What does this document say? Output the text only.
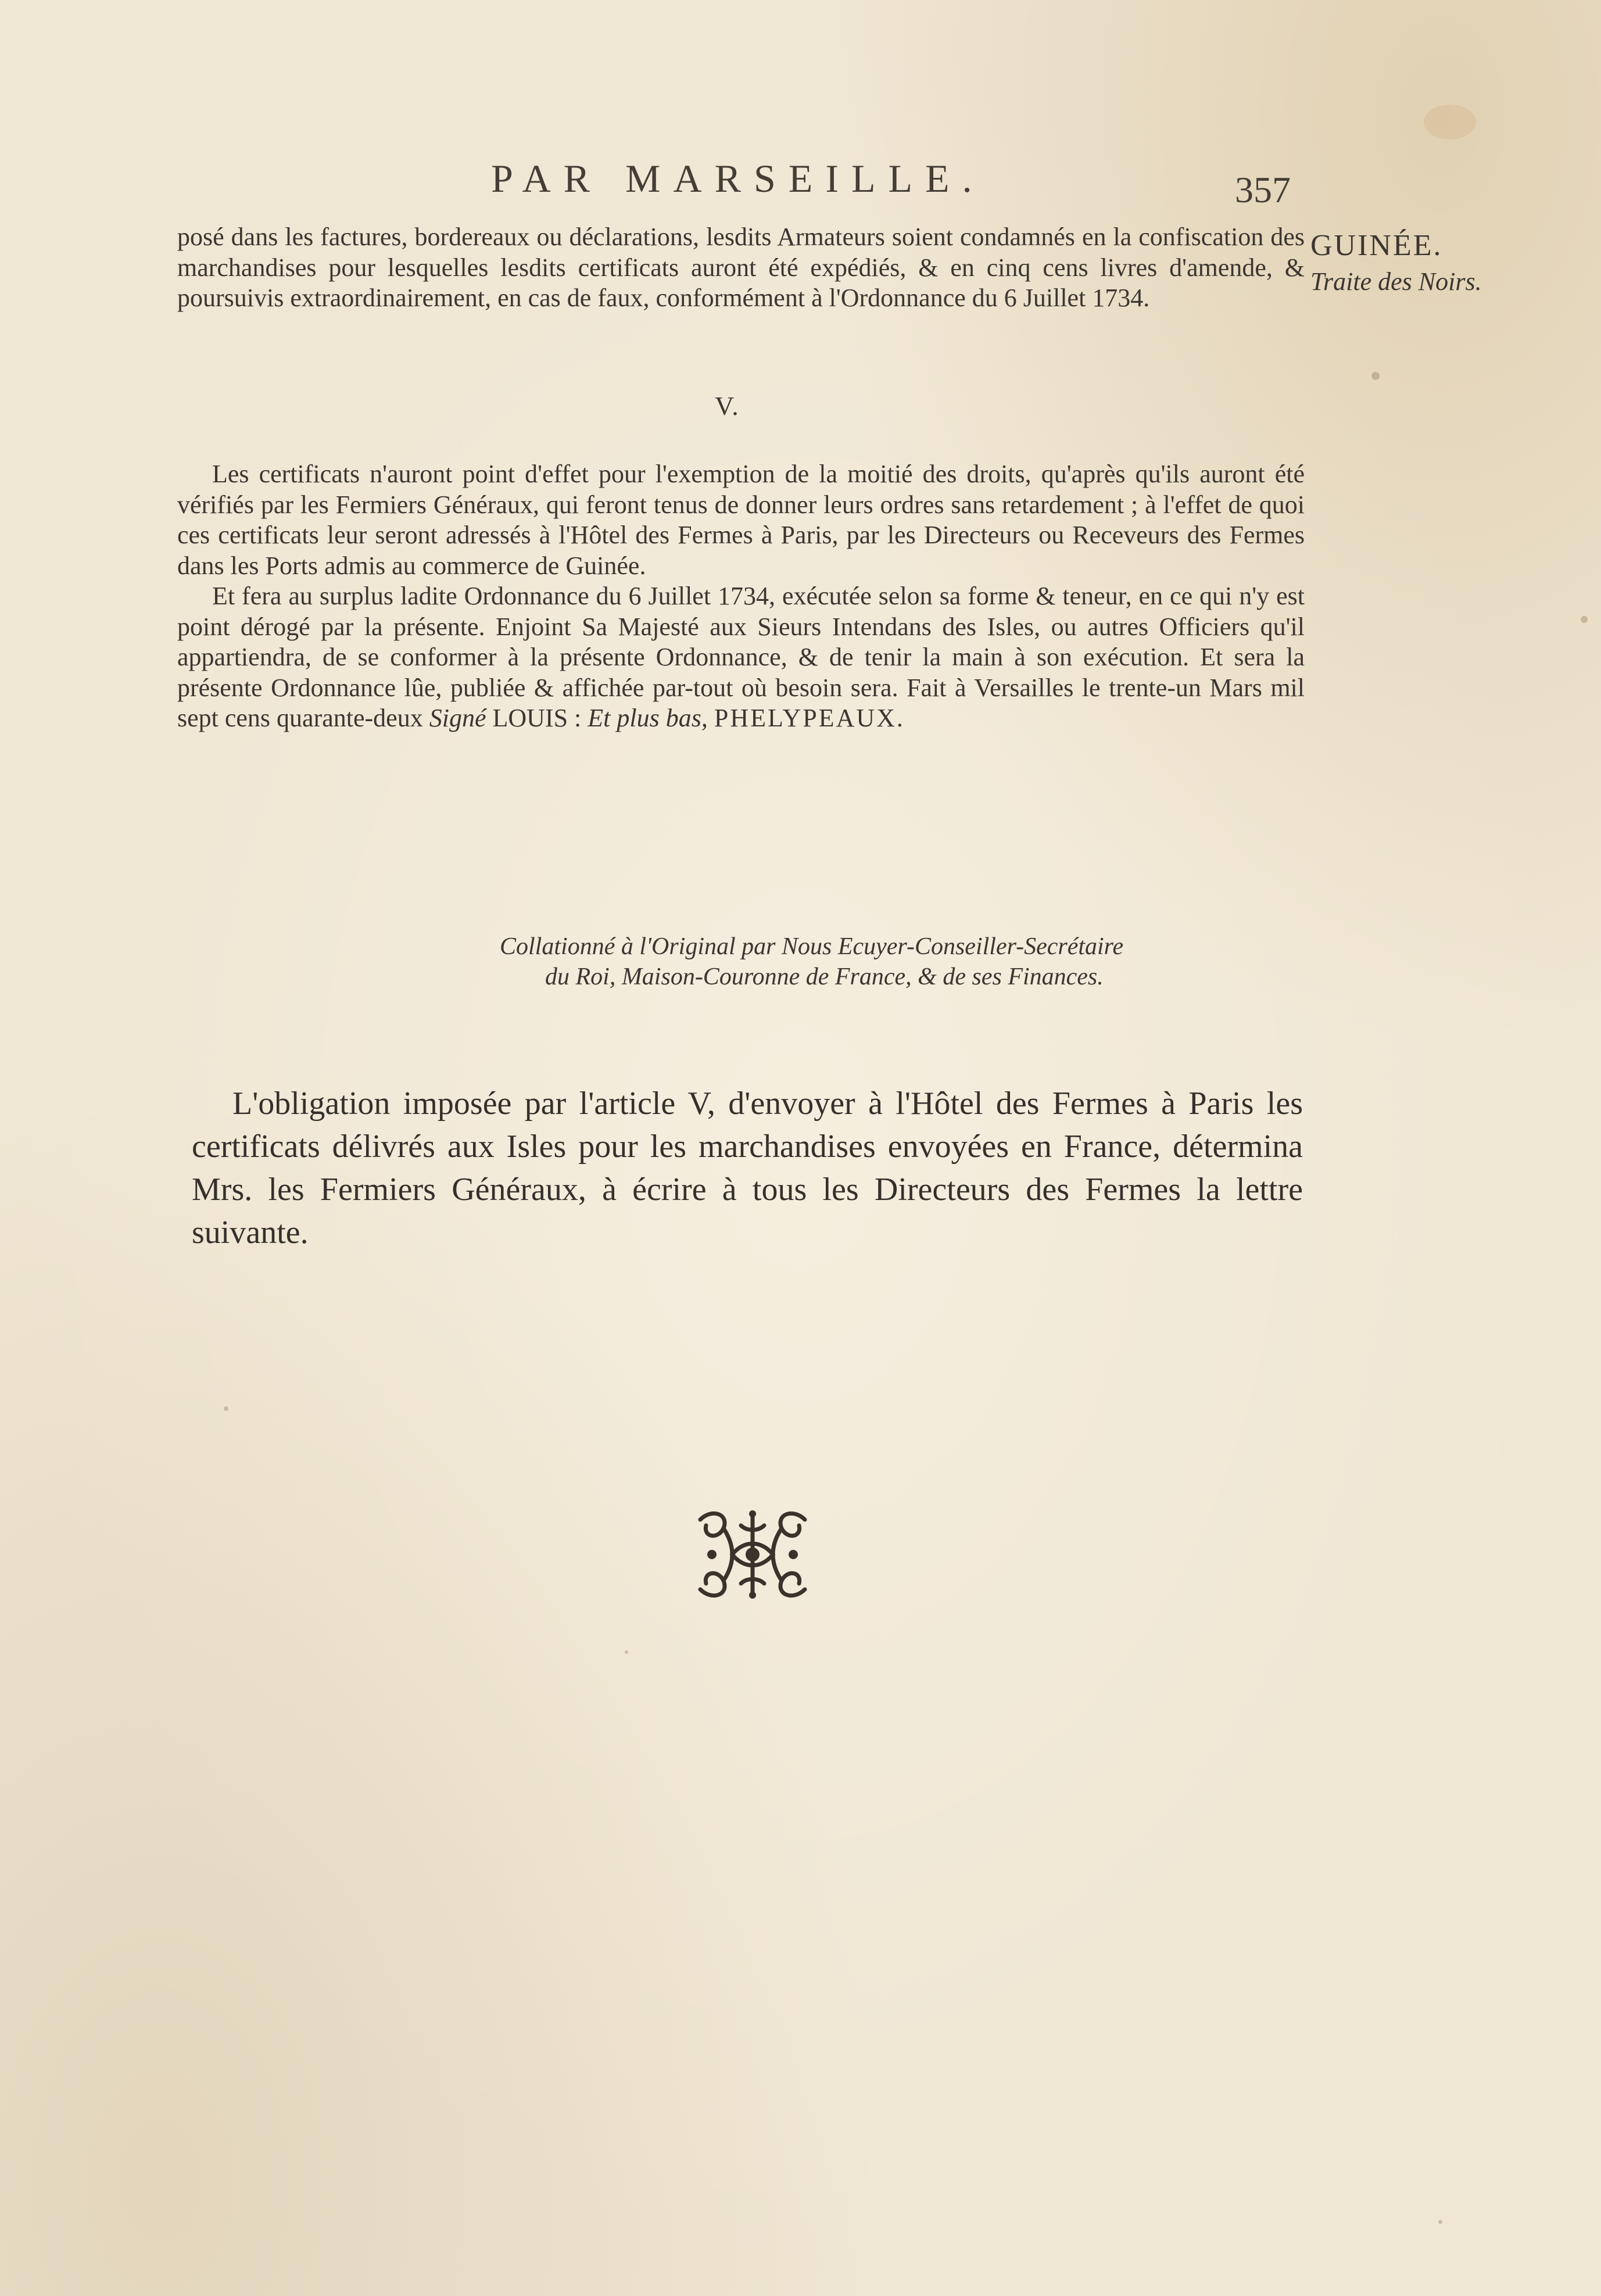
PAR MARSEILLE.	357
GUINÉE.
Traite des Noirs.

posé dans les factures, bordereaux ou déclarations, lesdits Armateurs soient condamnés en la confiscation des marchandises pour lesquelles lesdits certificats auront été expédiés, & en cinq cens livres d'amende, & poursuivis extraordinairement, en cas de faux, conformément à l'Ordonnance du 6 Juillet 1734.

V.

Les certificats n'auront point d'effet pour l'exemption de la moitié des droits, qu'après qu'ils auront été vérifiés par les Fermiers Généraux, qui feront tenus de donner leurs ordres sans retardement ; à l'effet de quoi ces certificats leur seront adressés à l'Hôtel des Fermes à Paris, par les Directeurs ou Receveurs des Fermes dans les Ports admis au commerce de Guinée.

Et fera au surplus ladite Ordonnance du 6 Juillet 1734, exécutée selon sa forme & teneur, en ce qui n'y est point dérogé par la présente. Enjoint Sa Majesté aux Sieurs Intendans des Isles, ou autres Officiers qu'il appartiendra, de se conformer à la présente Ordonnance, & de tenir la main à son exécution. Et sera la présente Ordonnance lûe, publiée & affichée par-tout où besoin sera. Fait à Versailles le trente-un Mars mil sept cens quarante-deux Signé LOUIS : Et plus bas, PHELYPEAUX.

Collationné à l'Original par Nous Ecuyer-Conseiller-Secrétaire

du Roi, Maison-Couronne de France, & de ses Finances.

L'obligation imposée par l'article V, d'envoyer à l'Hôtel des Fermes à Paris les certificats délivrés aux Isles pour les marchandises envoyées en France, détermina Mrs. les Fermiers Généraux, à écrire à tous les Directeurs des Fermes la lettre suivante.
